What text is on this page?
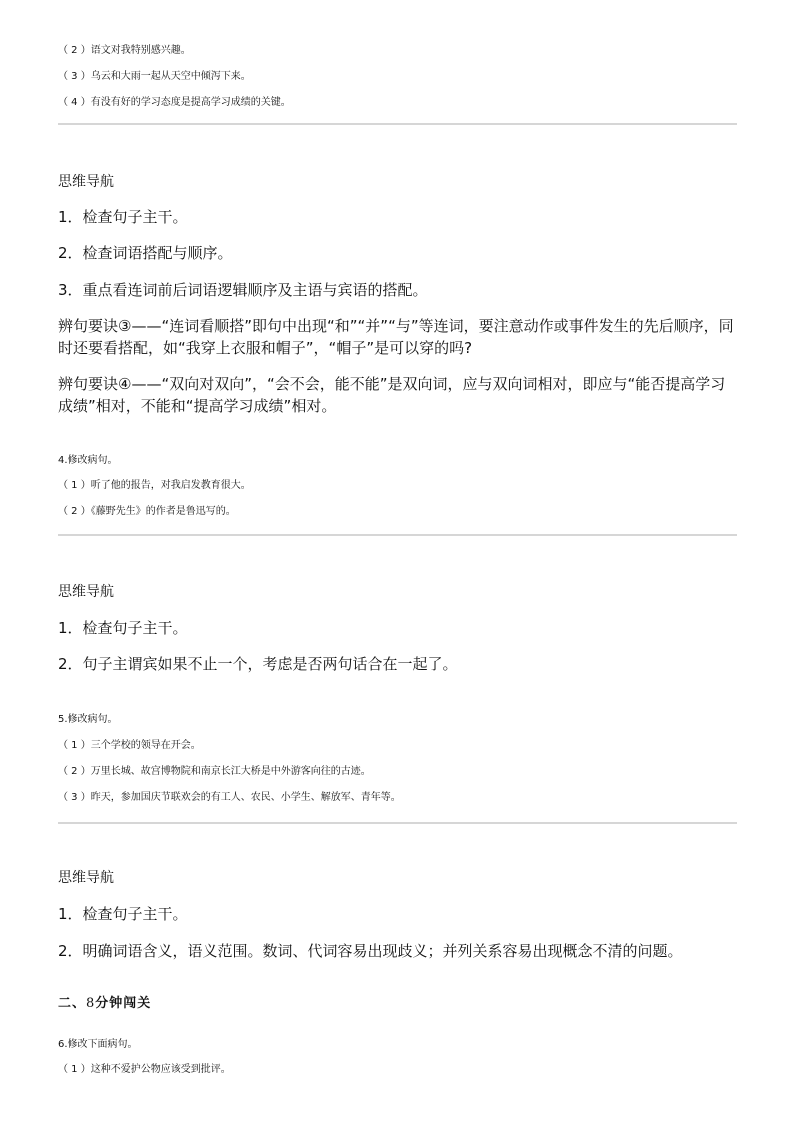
（ 2 ）语文对我特别感兴趣。
（ 3 ）乌云和大雨一起从天空中倾泻下来。
（ 4 ）有没有好的学习态度是提高学习成绩的关键。
思维导航
1．检查句子主干。
2．检查词语搭配与顺序。
3．重点看连词前后词语逻辑顺序及主语与宾语的搭配。
辨句要诀③——“连词看顺搭”即句中出现“和”“并”“与”等连词，要注意动作或事件发生的先后顺序，同时还要看搭配，如“我穿上衣服和帽子”，“帽子”是可以穿的吗?
辨句要诀④——“双向对双向”，“会不会，能不能”是双向词，应与双向词相对，即应与“能否提高学习成绩”相对，不能和“提高学习成绩”相对。
4.修改病句。
（ 1 ）听了他的报告，对我启发教育很大。
（ 2 ）《藤野先生》的作者是鲁迅写的。
思维导航
1．检查句子主干。
2．句子主谓宾如果不止一个，考虑是否两句话合在一起了。
5.修改病句。
（ 1 ）三个学校的领导在开会。
（ 2 ）万里长城、故宫博物院和南京长江大桥是中外游客向往的古迹。
（ 3 ）昨天，参加国庆节联欢会的有工人、农民、小学生、解放军、青年等。
思维导航
1．检查句子主干。
2．明确词语含义，语义范围。数词、代词容易出现歧义；并列关系容易出现概念不清的问题。
二、8分钟闯关
6.修改下面病句。
（ 1 ）这种不爱护公物应该受到批评。
